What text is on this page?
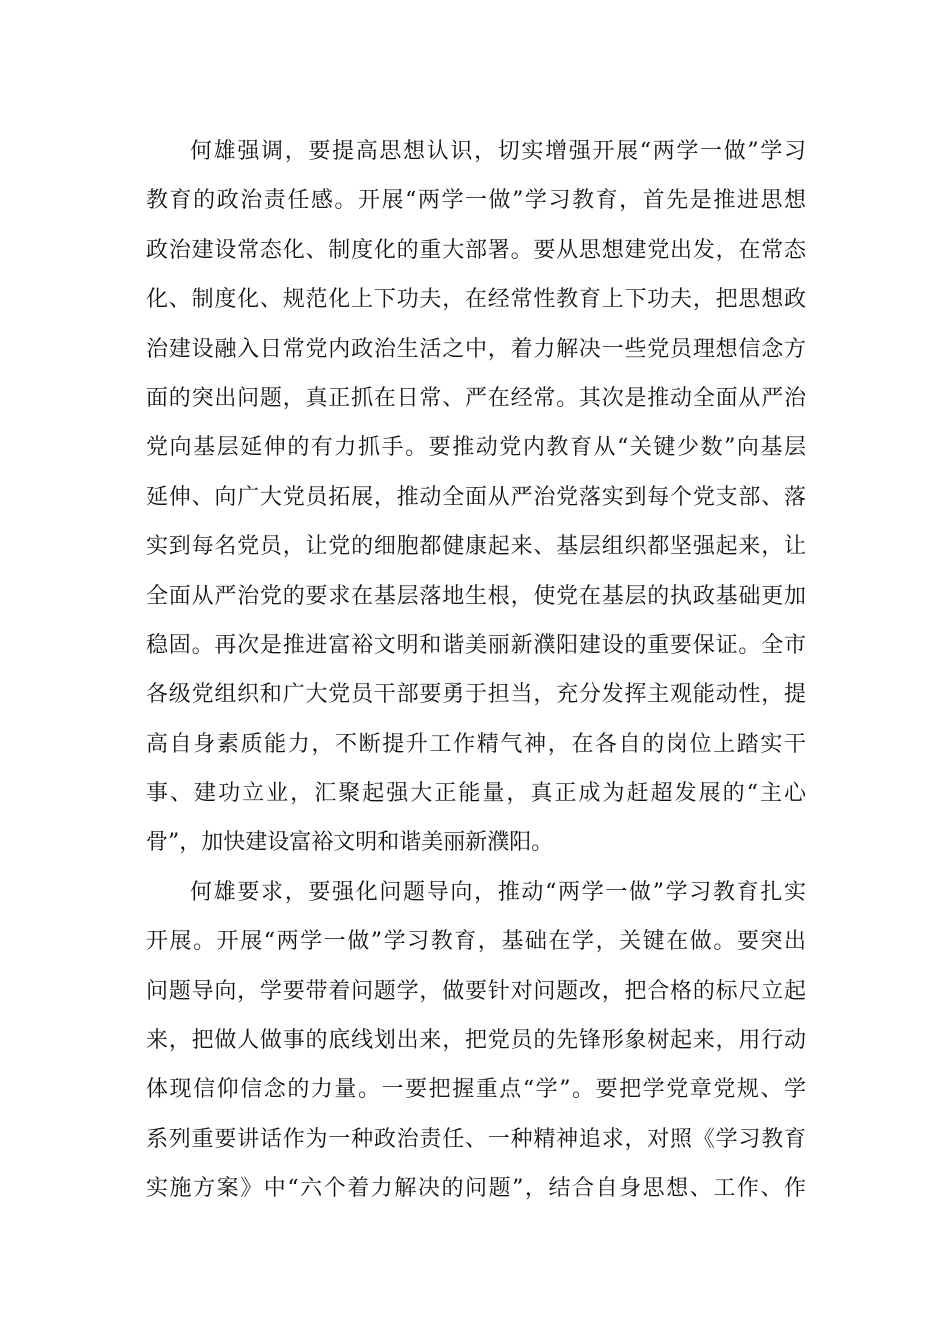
何雄强调，要提高思想认识，切实增强开展“两学一做”学习
教育的政治责任感。开展“两学一做”学习教育，首先是推进思想
政治建设常态化、制度化的重大部署。要从思想建党出发，在常态
化、制度化、规范化上下功夫，在经常性教育上下功夫，把思想政
治建设融入日常党内政治生活之中，着力解决一些党员理想信念方
面的突出问题，真正抓在日常、严在经常。其次是推动全面从严治
党向基层延伸的有力抓手。要推动党内教育从“关键少数”向基层
延伸、向广大党员拓展，推动全面从严治党落实到每个党支部、落
实到每名党员，让党的细胞都健康起来、基层组织都坚强起来，让
全面从严治党的要求在基层落地生根，使党在基层的执政基础更加
稳固。再次是推进富裕文明和谐美丽新濮阳建设的重要保证。全市
各级党组织和广大党员干部要勇于担当，充分发挥主观能动性，提
高自身素质能力，不断提升工作精气神，在各自的岗位上踏实干
事、建功立业，汇聚起强大正能量，真正成为赶超发展的“主心
骨”，加快建设富裕文明和谐美丽新濮阳。
何雄要求，要强化问题导向，推动“两学一做”学习教育扎实
开展。开展“两学一做”学习教育，基础在学，关键在做。要突出
问题导向，学要带着问题学，做要针对问题改，把合格的标尺立起
来，把做人做事的底线划出来，把党员的先锋形象树起来，用行动
体现信仰信念的力量。一要把握重点“学”。要把学党章党规、学
系列重要讲话作为一种政治责任、一种精神追求，对照《学习教育
实施方案》中“六个着力解决的问题”，结合自身思想、工作、作
